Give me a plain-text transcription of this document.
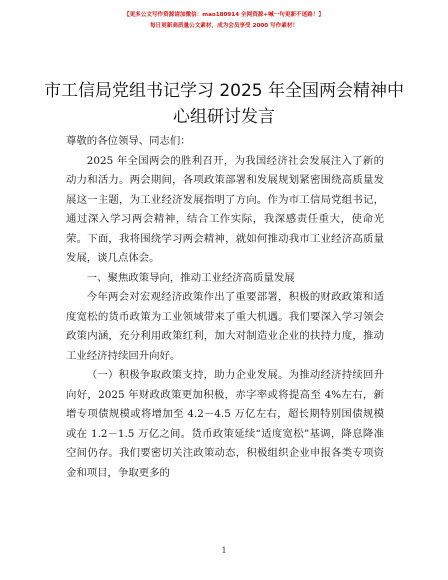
【更多公文写作资源请加微信：mao180914 全网资源+喊一句更新不迷路！】
每日更新高质量公文素材，成为会员享受 2000 写作素材！
市工信局党组书记学习 2025 年全国两会精神中
心组研讨发言

尊敬的各位领导、同志们：

2025 年全国两会的胜利召开，为我国经济社会发展注入了新的动力和活力。两会期间，各项政策部署和发展规划紧密围绕高质量发展这一主题，为工业经济发展指明了方向。作为市工信局党组书记，通过深入学习两会精神，结合工作实际，我深感责任重大，使命光荣。下面，我将围绕学习两会精神，就如何推动我市工业经济高质量发展，谈几点体会。

一、聚焦政策导向，推动工业经济高质量发展

今年两会对宏观经济政策作出了重要部署，积极的财政政策和适度宽松的货币政策为工业领域带来了重大机遇。我们要深入学习领会政策内涵，充分利用政策红利，加大对制造业企业的扶持力度，推动工业经济持续回升向好。

（一）积极争取政策支持，助力企业发展。为推动经济持续回升向好，2025 年财政政策更加积极，赤字率或将提高至 4%左右，新增专项债规模或将增加至 4.2－4.5 万亿左右，超长期特别国债规模或在 1.2－1.5 万亿之间。货币政策延续“适度宽松”基调，降息降准空间仍存。我们要密切关注政策动态，积极组织企业申报各类专项资金和项目，争取更多的

1
